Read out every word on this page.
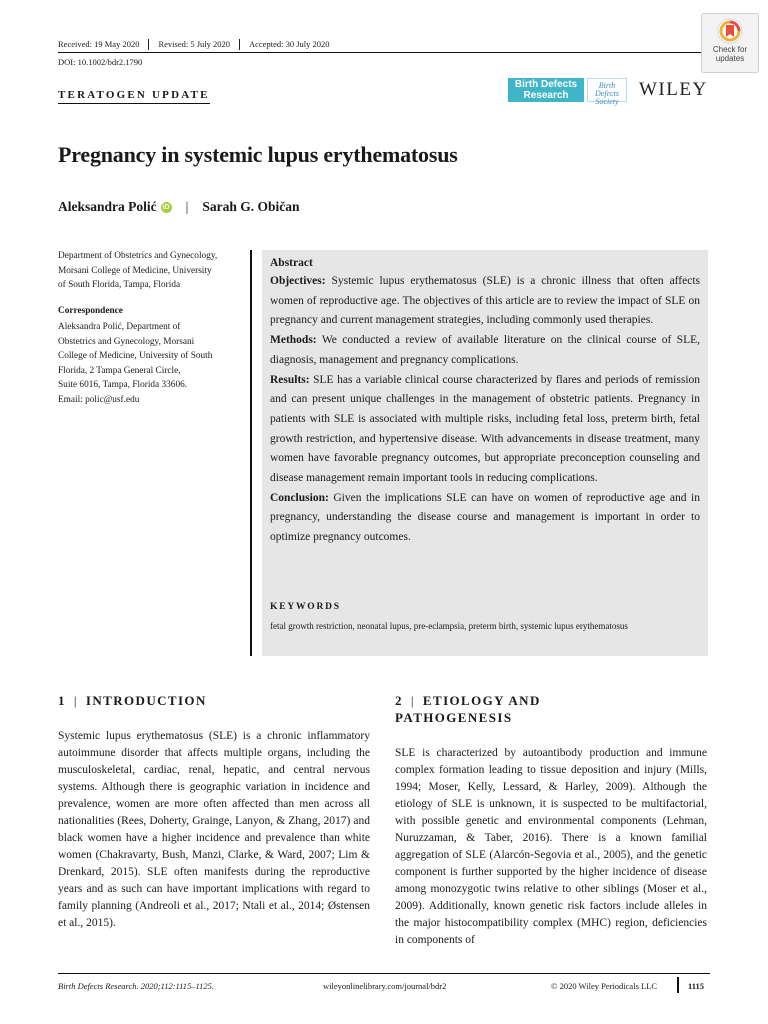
Received: 19 May 2020	Revised: 5 July 2020	Accepted: 30 July 2020
DOI: 10.1002/bdr2.1790
Check for
updates
TERATOGEN UPDATE
Birth Defects
Research
Birth Defects
Society
WILEY
Pregnancy in systemic lupus erythematosus
Aleksandra Polić iD | Sarah G. Običan
Department of Obstetrics and Gynecology,
Morsani College of Medicine, University
of South Florida, Tampa, Florida
Correspondence
Aleksandra Polić, Department of
Obstetrics and Gynecology, Morsani
College of Medicine, University of South
Florida, 2 Tampa General Circle,
Suite 6016, Tampa, Florida 33606.
Email: polic@usf.edu
Abstract

Objectives: Systemic lupus erythematosus (SLE) is a chronic illness that often affects women of reproductive age. The objectives of this article are to review the impact of SLE on pregnancy and current management strategies, including commonly used therapies.

Methods: We conducted a review of available literature on the clinical course of SLE, diagnosis, management and pregnancy complications.

Results: SLE has a variable clinical course characterized by flares and periods of remission and can present unique challenges in the management of obstetric patients. Pregnancy in patients with SLE is associated with multiple risks, including fetal loss, preterm birth, fetal growth restriction, and hypertensive disease. With advancements in disease treatment, many women have favorable pregnancy outcomes, but appropriate preconception counseling and disease management remain important tools in reducing complications.

Conclusion: Given the implications SLE can have on women of reproductive age and in pregnancy, understanding the disease course and management is important in order to optimize pregnancy outcomes.

KEYWORDS
fetal growth restriction, neonatal lupus, pre-eclampsia, preterm birth, systemic lupus erythematosus
1 | INTRODUCTION
Systemic lupus erythematosus (SLE) is a chronic inflammatory autoimmune disorder that affects multiple organs, including the musculoskeletal, cardiac, renal, hepatic, and central nervous systems. Although there is geographic variation in incidence and prevalence, women are more often affected than men across all nationalities (Rees, Doherty, Grainge, Lanyon, & Zhang, 2017) and black women have a higher incidence and prevalence than white women (Chakravarty, Bush, Manzi, Clarke, & Ward, 2007; Lim & Drenkard, 2015). SLE often manifests during the reproductive years and as such can have important implications with regard to family planning (Andreoli et al., 2017; Ntali et al., 2014; Østensen et al., 2015).
2 | ETIOLOGY AND
PATHOGENESIS
SLE is characterized by autoantibody production and immune complex formation leading to tissue deposition and injury (Mills, 1994; Moser, Kelly, Lessard, & Harley, 2009). Although the etiology of SLE is unknown, it is suspected to be multifactorial, with possible genetic and environmental components (Lehman, Nuruzzaman, & Taber, 2016). There is a known familial aggregation of SLE (Alarcón-Segovia et al., 2005), and the genetic component is further supported by the higher incidence of disease among monozygotic twins relative to other siblings (Moser et al., 2009). Additionally, known genetic risk factors include alleles in the major histocompatibility complex (MHC) region, deficiencies in components of
Birth Defects Research. 2020;112:1115–1125.	wileyonlinelibrary.com/journal/bdr2	© 2020 Wiley Periodicals LLC	1115
